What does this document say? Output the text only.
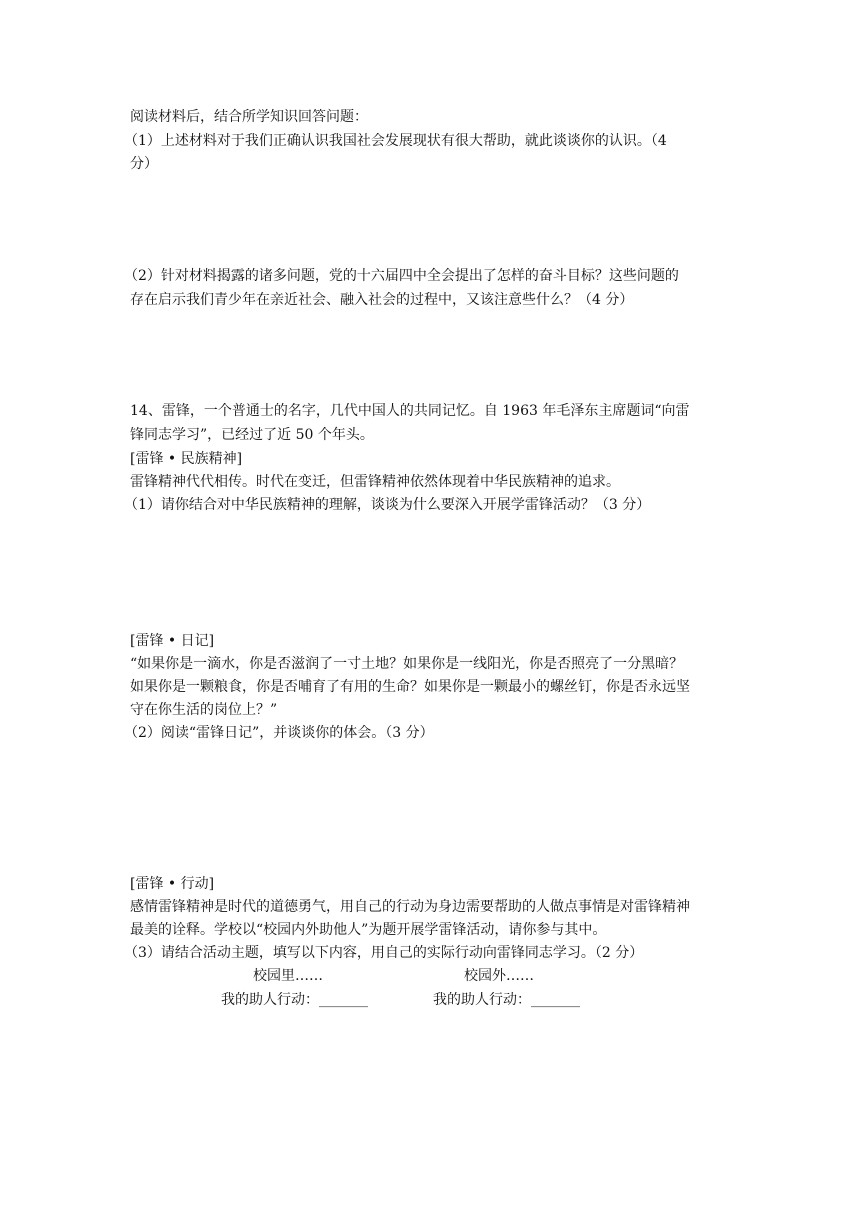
阅读材料后，结合所学知识回答问题：
（1）上述材料对于我们正确认识我国社会发展现状有很大帮助，就此谈谈你的认识。（4
分）
（2）针对材料揭露的诸多问题，党的十六届四中全会提出了怎样的奋斗目标？这些问题的
存在启示我们青少年在亲近社会、融入社会的过程中，又该注意些什么？（4 分）
14、雷锋，一个普通士的名字，几代中国人的共同记忆。自 1963 年毛泽东主席题词“向雷
锋同志学习”，已经过了近 50 个年头。
[雷锋 • 民族精神]
雷锋精神代代相传。时代在变迁，但雷锋精神依然体现着中华民族精神的追求。
（1）请你结合对中华民族精神的理解，谈谈为什么要深入开展学雷锋活动？（3 分）
[雷锋 • 日记]
“如果你是一滴水，你是否滋润了一寸土地？如果你是一线阳光，你是否照亮了一分黑暗？
如果你是一颗粮食，你是否哺育了有用的生命？如果你是一颗最小的螺丝钉，你是否永远坚
守在你生活的岗位上？”
（2）阅读“雷锋日记”，并谈谈你的体会。（3 分）
[雷锋 • 行动]
感情雷锋精神是时代的道德勇气，用自己的行动为身边需要帮助的人做点事情是对雷锋精神
最美的诠释。学校以“校园内外助他人”为题开展学雷锋活动，请你参与其中。
（3）请结合活动主题，填写以下内容，用自己的实际行动向雷锋同志学习。（2 分）
校园里……	校园外……
我的助人行动：_______	我的助人行动：_______
